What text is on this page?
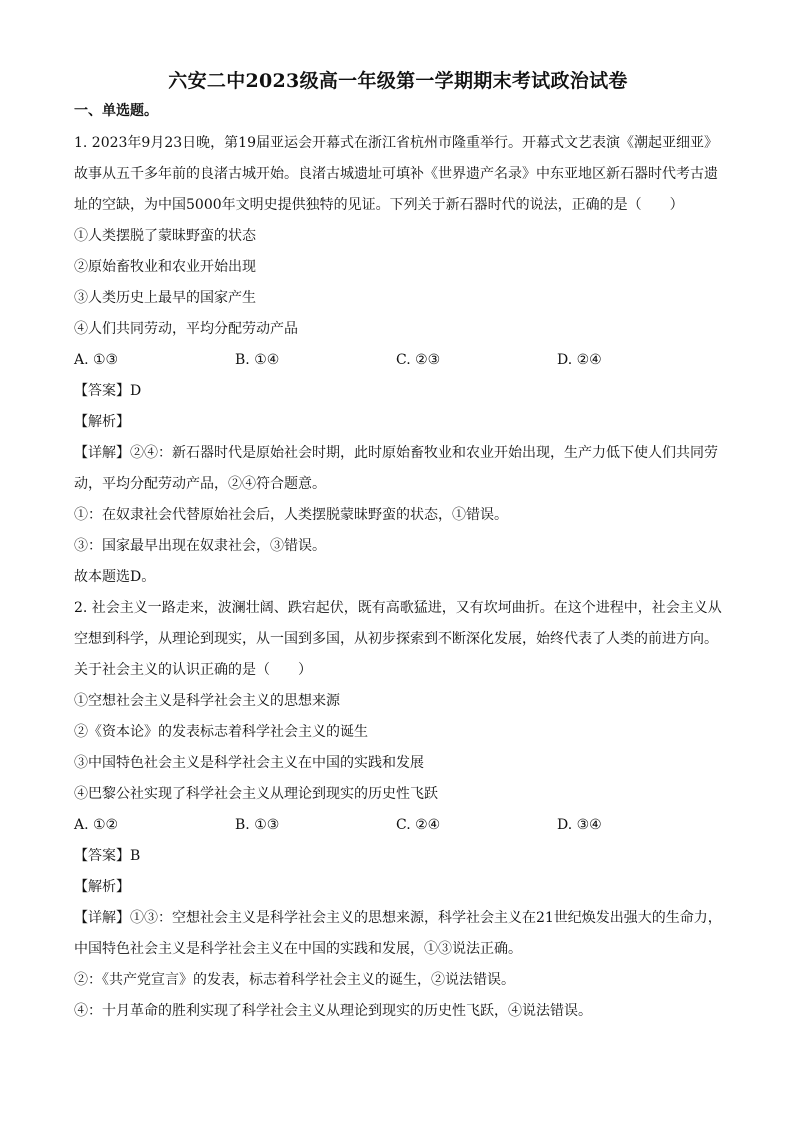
六安二中2023级高一年级第一学期期末考试政治试卷
一、单选题。
1. 2023年9月23日晚，第19届亚运会开幕式在浙江省杭州市隆重举行。开幕式文艺表演《潮起亚细亚》
故事从五千多年前的良渚古城开始。良渚古城遗址可填补《世界遗产名录》中东亚地区新石器时代考古遗
址的空缺，为中国5000年文明史提供独特的见证。下列关于新石器时代的说法，正确的是（　　）
①人类摆脱了蒙昧野蛮的状态
②原始畜牧业和农业开始出现
③人类历史上最早的国家产生
④人们共同劳动，平均分配劳动产品
A. ①③	B. ①④	C. ②③	D. ②④
【答案】D
【解析】
【详解】②④：新石器时代是原始社会时期，此时原始畜牧业和农业开始出现，生产力低下使人们共同劳
动，平均分配劳动产品，②④符合题意。
①：在奴隶社会代替原始社会后，人类摆脱蒙昧野蛮的状态，①错误。
③：国家最早出现在奴隶社会，③错误。
故本题选D。
2. 社会主义一路走来，波澜壮阔、跌宕起伏，既有高歌猛进，又有坎坷曲折。在这个进程中，社会主义从
空想到科学，从理论到现实，从一国到多国，从初步探索到不断深化发展，始终代表了人类的前进方向。
关于社会主义的认识正确的是（　　）
①空想社会主义是科学社会主义的思想来源
②《资本论》的发表标志着科学社会主义的诞生
③中国特色社会主义是科学社会主义在中国的实践和发展
④巴黎公社实现了科学社会主义从理论到现实的历史性飞跃
A. ①②	B. ①③	C. ②④	D. ③④
【答案】B
【解析】
【详解】①③：空想社会主义是科学社会主义的思想来源，科学社会主义在21世纪焕发出强大的生命力，
中国特色社会主义是科学社会主义在中国的实践和发展，①③说法正确。
②：《共产党宣言》的发表，标志着科学社会主义的诞生，②说法错误。
④：十月革命的胜利实现了科学社会主义从理论到现实的历史性飞跃，④说法错误。
